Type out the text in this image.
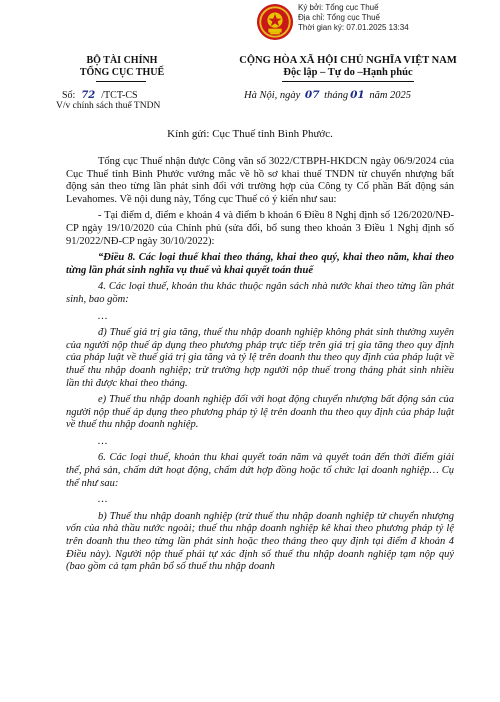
Ký bởi: Tổng cục Thuế
Địa chỉ: Tổng cục Thuế
Thời gian ký: 07.01.2025 13:34
BỘ TÀI CHÍNH
TỔNG CỤC THUẾ
Số: 72 /TCT-CS
V/v chính sách thuế TNDN
CỘNG HÒA XÃ HỘI CHỦ NGHĨA VIỆT NAM
Độc lập – Tự do –Hạnh phúc
Hà Nội, ngày 07 tháng 01 năm 2025
Kính gửi: Cục Thuế tỉnh Bình Phước.

Tổng cục Thuế nhận được Công văn số 3022/CTBPH-HKDCN ngày 06/9/2024 của Cục Thuế tỉnh Bình Phước vướng mắc về hồ sơ khai thuế TNDN từ chuyển nhượng bất động sản theo từng lần phát sinh đối với trường hợp của Công ty Cổ phần Bất động sản Levahomes. Về nội dung này, Tổng cục Thuế có ý kiến như sau:

- Tại điểm d, điểm e khoản 4 và điểm b khoản 6 Điều 8 Nghị định số 126/2020/NĐ-CP ngày 19/10/2020 của Chính phủ (sửa đổi, bổ sung theo khoản 3 Điều 1 Nghị định số 91/2022/NĐ-CP ngày 30/10/2022):

“Điều 8. Các loại thuế khai theo tháng, khai theo quý, khai theo năm, khai theo từng lần phát sinh nghĩa vụ thuế và khai quyết toán thuế

4. Các loại thuế, khoản thu khác thuộc ngân sách nhà nước khai theo từng lần phát sinh, bao gồm:

…

đ) Thuế giá trị gia tăng, thuế thu nhập doanh nghiệp không phát sinh thường xuyên của người nộp thuế áp dụng theo phương pháp trực tiếp trên giá trị gia tăng theo quy định của pháp luật về thuế giá trị gia tăng và tỷ lệ trên doanh thu theo quy định của pháp luật về thuế thu nhập doanh nghiệp; trừ trường hợp người nộp thuế trong tháng phát sinh nhiều lần thì được khai theo tháng.

e) Thuế thu nhập doanh nghiệp đối với hoạt động chuyển nhượng bất động sản của người nộp thuế áp dụng theo phương pháp tỷ lệ trên doanh thu theo quy định của pháp luật về thuế thu nhập doanh nghiệp.

…

6. Các loại thuế, khoản thu khai quyết toán năm và quyết toán đến thời điểm giải thể, phá sản, chấm dứt hoạt động, chấm dứt hợp đồng hoặc tổ chức lại doanh nghiệp… Cụ thể như sau:

…

b) Thuế thu nhập doanh nghiệp (trừ thuế thu nhập doanh nghiệp từ chuyển nhượng vốn của nhà thầu nước ngoài; thuế thu nhập doanh nghiệp kê khai theo phương pháp tỷ lệ trên doanh thu theo từng lần phát sinh hoặc theo tháng theo quy định tại điểm đ khoản 4 Điều này). Người nộp thuế phải tự xác định số thuế thu nhập doanh nghiệp tạm nộp quý (bao gồm cả tạm phân bổ số thuế thu nhập doanh
